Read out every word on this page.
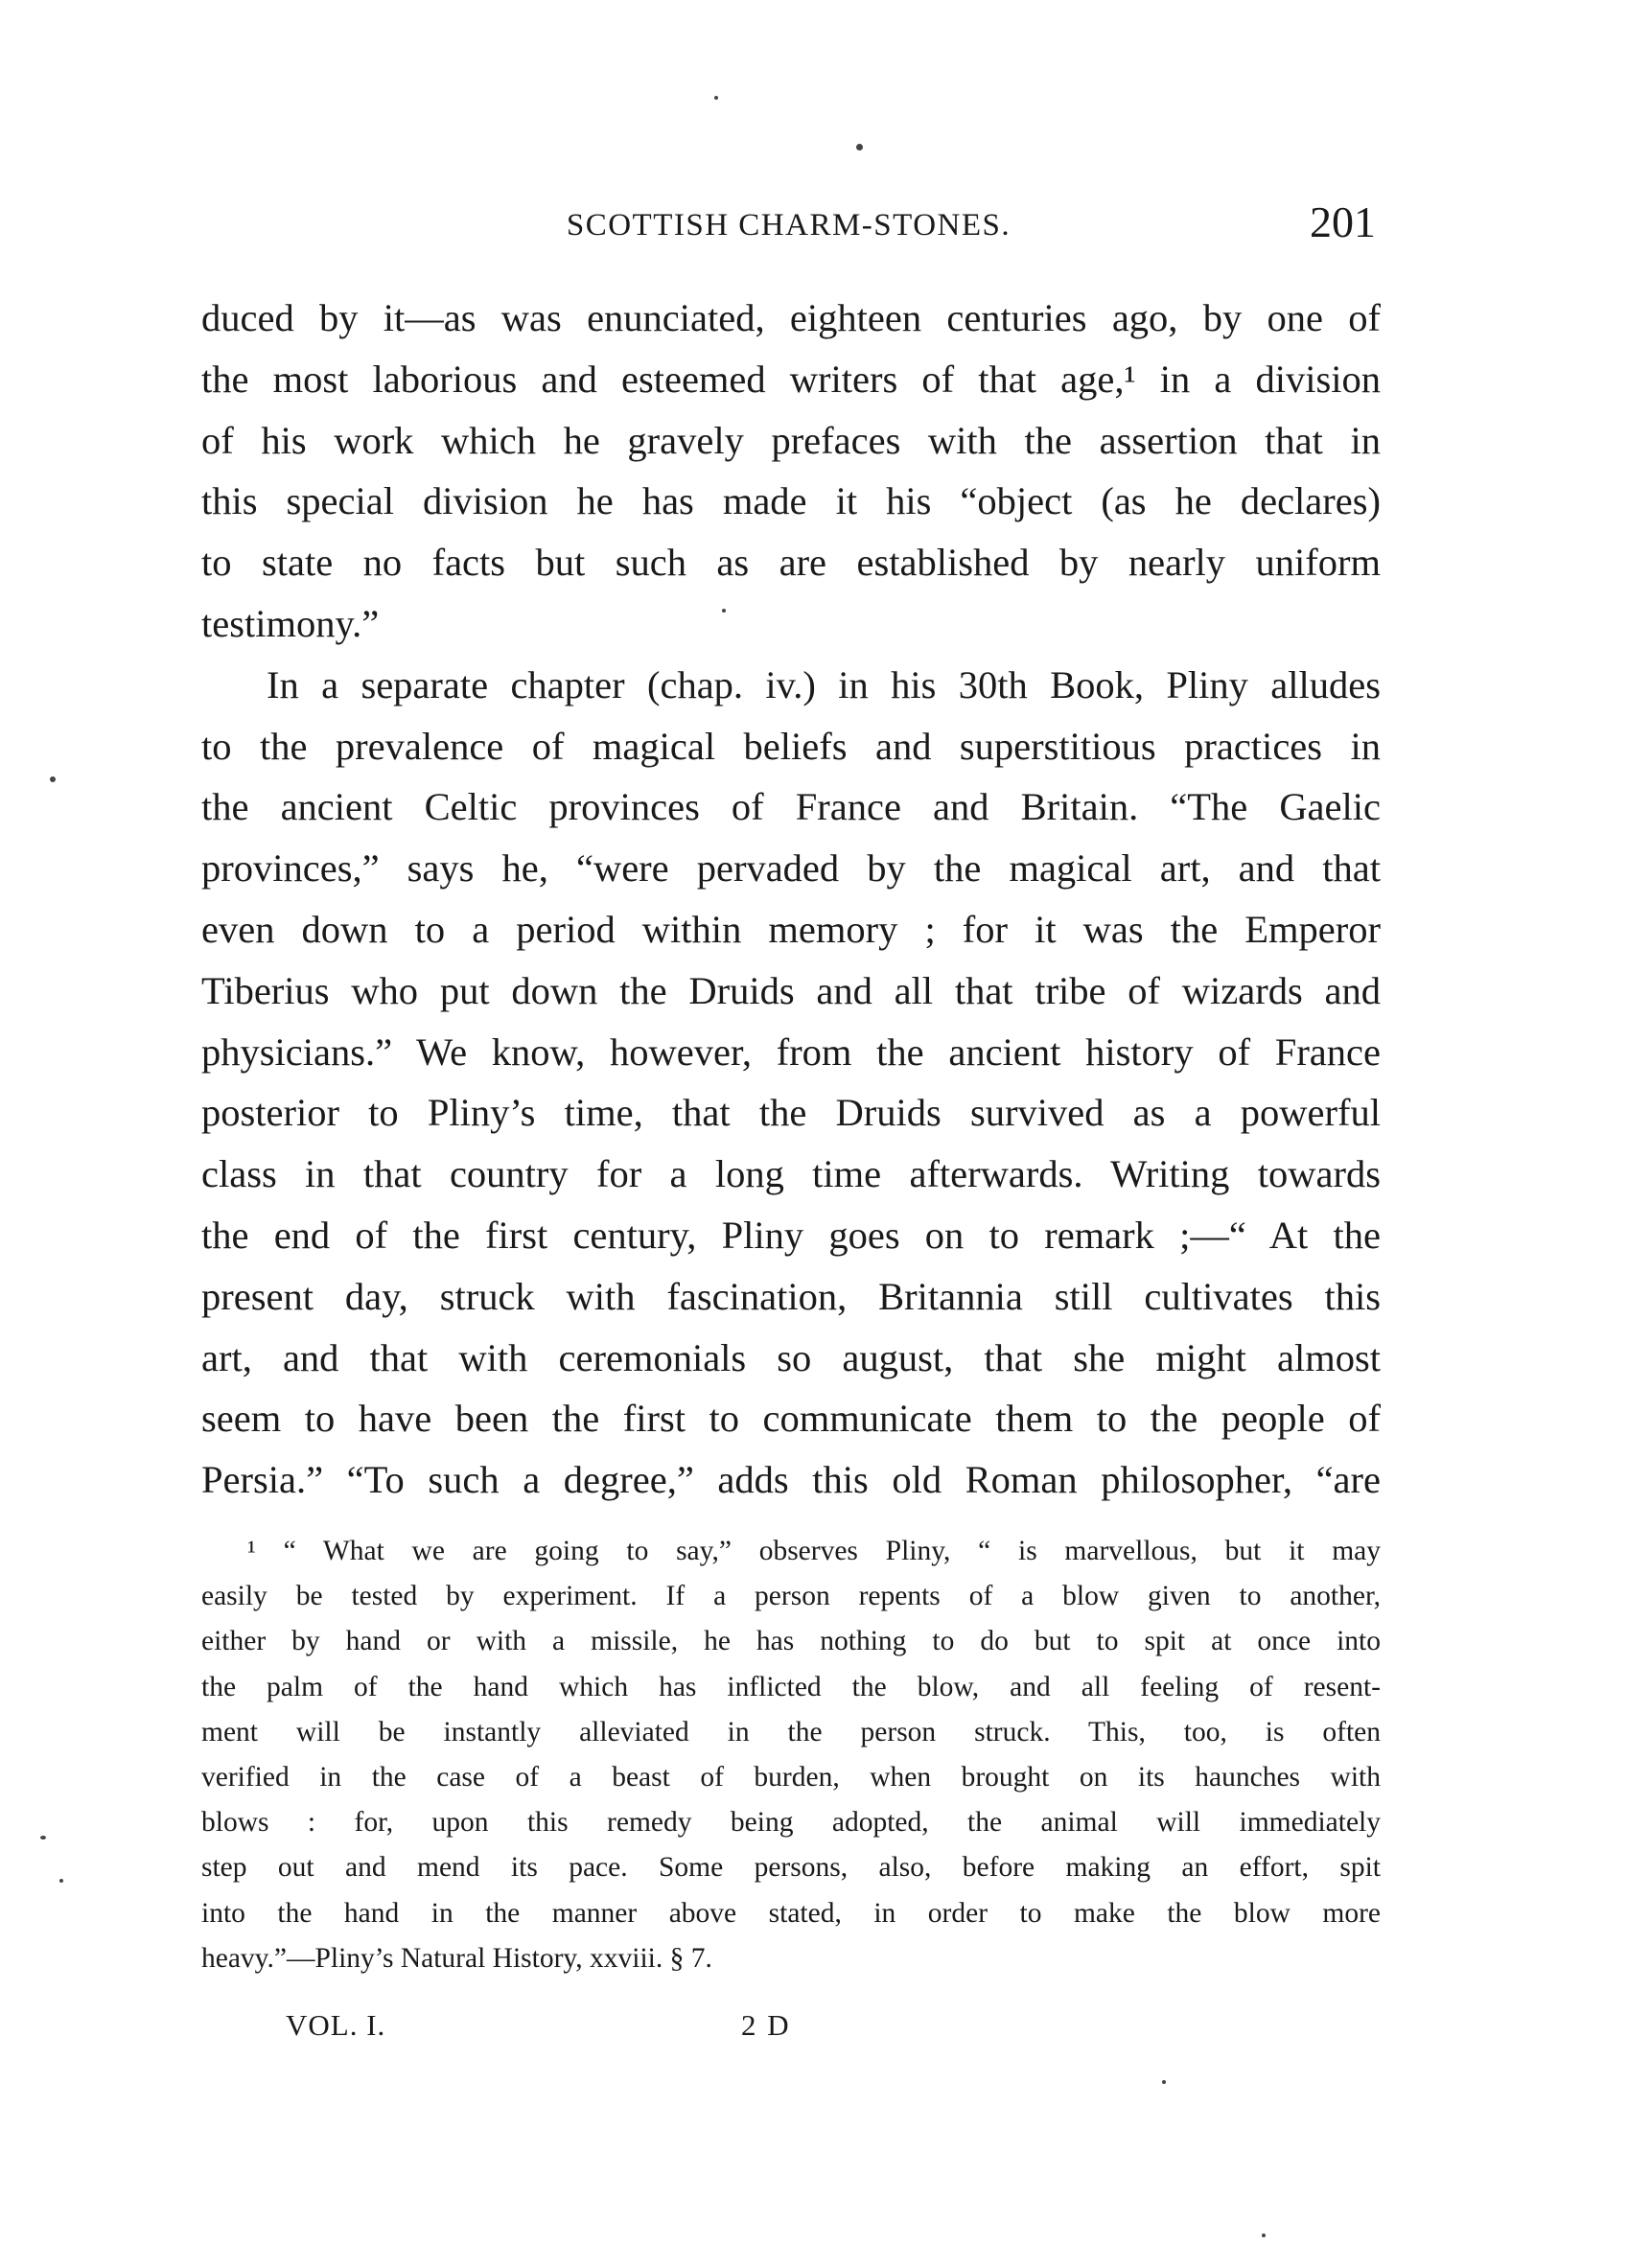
SCOTTISH CHARM-STONES.	201
duced by it—as was enunciated, eighteen centuries ago, by one of
the most laborious and esteemed writers of that age,¹ in a division
of his work which he gravely prefaces with the assertion that in
this special division he has made it his “object (as he declares)
to state no facts but such as are established by nearly uniform
testimony.”
In a separate chapter (chap. iv.) in his 30th Book, Pliny alludes
to the prevalence of magical beliefs and superstitious practices in
the ancient Celtic provinces of France and Britain. “The Gaelic
provinces,” says he, “were pervaded by the magical art, and that
even down to a period within memory ; for it was the Emperor
Tiberius who put down the Druids and all that tribe of wizards and
physicians.” We know, however, from the ancient history of France
posterior to Pliny’s time, that the Druids survived as a powerful
class in that country for a long time afterwards. Writing towards
the end of the first century, Pliny goes on to remark ;—“ At the
present day, struck with fascination, Britannia still cultivates this
art, and that with ceremonials so august, that she might almost
seem to have been the first to communicate them to the people of
Persia.” “To such a degree,” adds this old Roman philosopher, “are
¹ “ What we are going to say,” observes Pliny, “ is marvellous, but it may
easily be tested by experiment. If a person repents of a blow given to another,
either by hand or with a missile, he has nothing to do but to spit at once into
the palm of the hand which has inflicted the blow, and all feeling of resent-
ment will be instantly alleviated in the person struck. This, too, is often
verified in the case of a beast of burden, when brought on its haunches with
blows : for, upon this remedy being adopted, the animal will immediately
step out and mend its pace. Some persons, also, before making an effort, spit
into the hand in the manner above stated, in order to make the blow more
heavy.”—Pliny’s Natural History, xxviii. § 7.
VOL. I.	2 D
